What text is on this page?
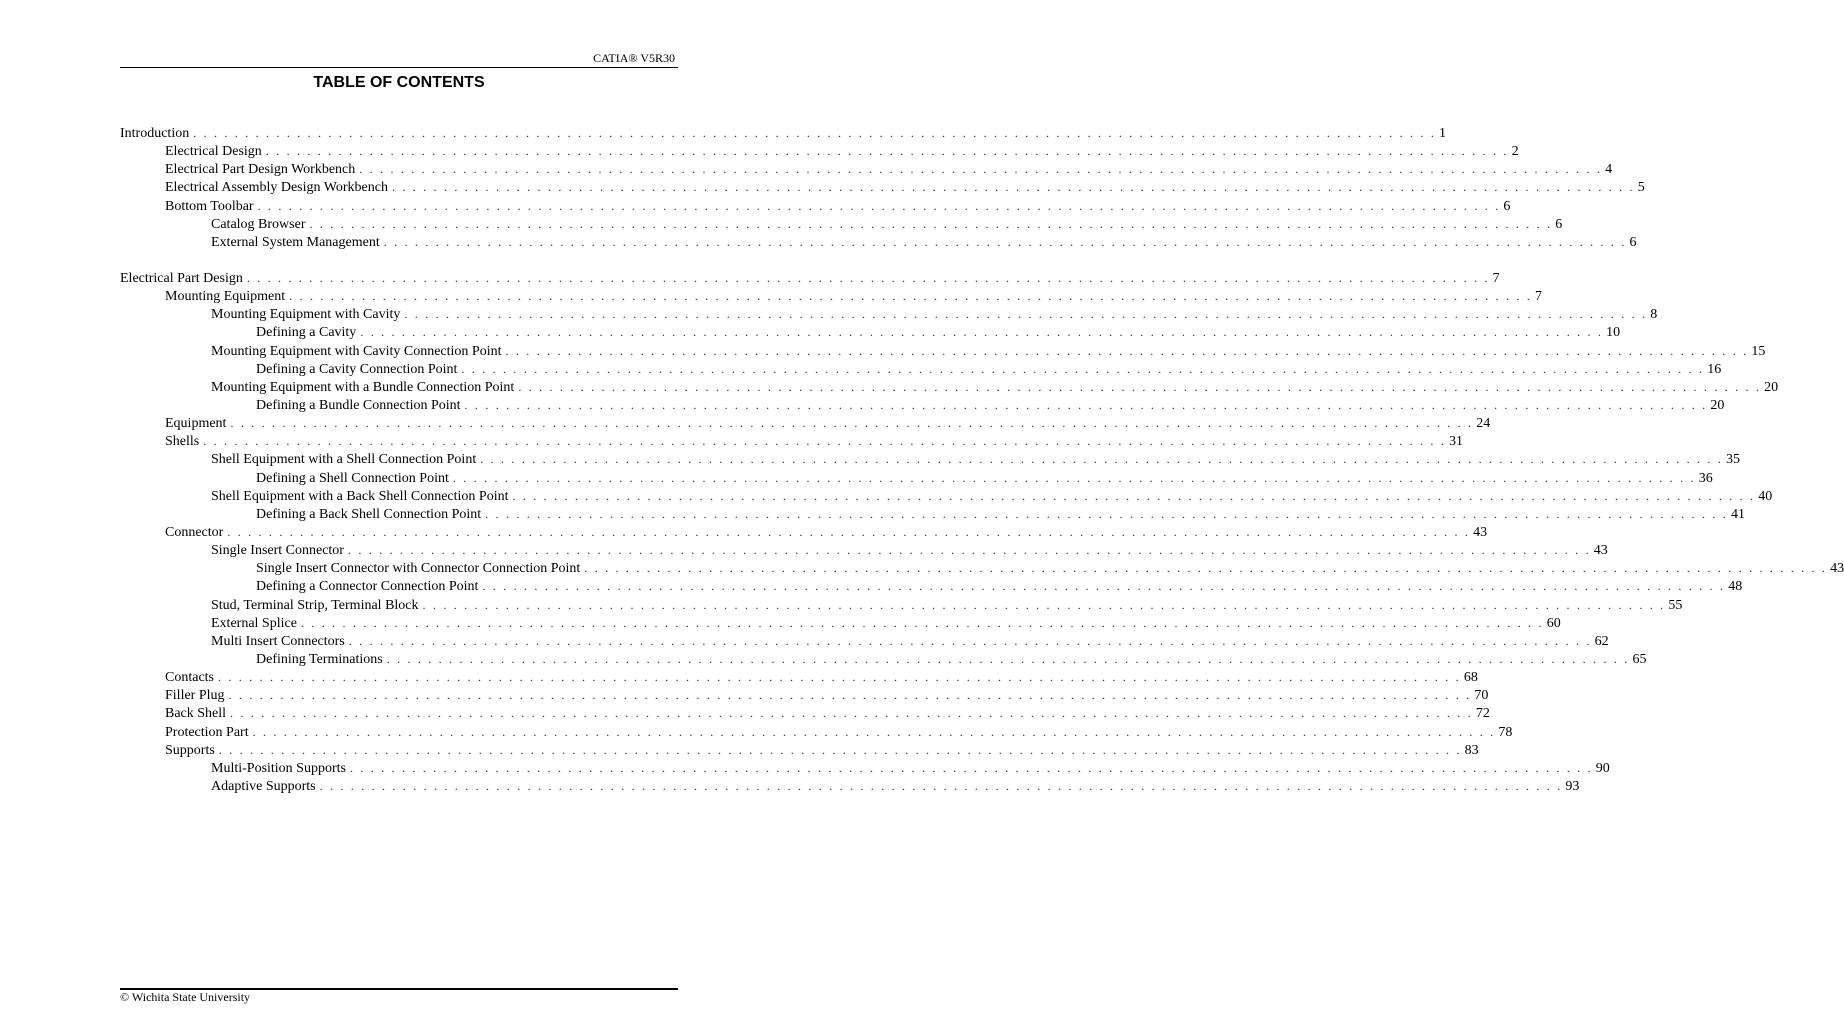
CATIA® V5R30
TABLE OF CONTENTS
Introduction . . . . . . . . . . . . . . . . . . . . . . . . . . . . . . . . . . . . . . . . . . . . . . . . . . . . . . . . . . . . . . . . . . . . . . . . . . . . . . . . . . . . . . . . . . . . . . . . . . . . . . . . . . . . . . . . . . . . . . . . 1
Electrical Design . . . . . . . . . . . . . . . . . . . . . . . . . . . . . . . . . . . . . . . . . . . . . . . . . . . . . . . . . . . . . . . . . . . . . . . . . . . . . . . . . . . . . . . . . . . . . . . . . . . . . . . . . . . . . . . . . . . . . . . . 2
Electrical Part Design Workbench . . . . . . . . . . . . . . . . . . . . . . . . . . . . . . . . . . . . . . . . . . . . . . . . . . . . . . . . . . . . . . . . . . . . . . . . . . . . . . . . . . . . . . . . . . . . . . . . . . . . . . . . . . . . . . . . . . . . . . . . 4
Electrical Assembly Design Workbench . . . . . . . . . . . . . . . . . . . . . . . . . . . . . . . . . . . . . . . . . . . . . . . . . . . . . . . . . . . . . . . . . . . . . . . . . . . . . . . . . . . . . . . . . . . . . . . . . . . . . . . . . . . . . . . . . . . . . . . . 5
Bottom Toolbar . . . . . . . . . . . . . . . . . . . . . . . . . . . . . . . . . . . . . . . . . . . . . . . . . . . . . . . . . . . . . . . . . . . . . . . . . . . . . . . . . . . . . . . . . . . . . . . . . . . . . . . . . . . . . . . . . . . . . . . . 6
Catalog Browser . . . . . . . . . . . . . . . . . . . . . . . . . . . . . . . . . . . . . . . . . . . . . . . . . . . . . . . . . . . . . . . . . . . . . . . . . . . . . . . . . . . . . . . . . . . . . . . . . . . . . . . . . . . . . . . . . . . . . . . . 6
External System Management . . . . . . . . . . . . . . . . . . . . . . . . . . . . . . . . . . . . . . . . . . . . . . . . . . . . . . . . . . . . . . . . . . . . . . . . . . . . . . . . . . . . . . . . . . . . . . . . . . . . . . . . . . . . . . . . . . . . . . . . 6
Electrical Part Design . . . . . . . . . . . . . . . . . . . . . . . . . . . . . . . . . . . . . . . . . . . . . . . . . . . . . . . . . . . . . . . . . . . . . . . . . . . . . . . . . . . . . . . . . . . . . . . . . . . . . . . . . . . . . . . . . . . . . . . . 7
Mounting Equipment . . . . . . . . . . . . . . . . . . . . . . . . . . . . . . . . . . . . . . . . . . . . . . . . . . . . . . . . . . . . . . . . . . . . . . . . . . . . . . . . . . . . . . . . . . . . . . . . . . . . . . . . . . . . . . . . . . . . . . . . 7
Mounting Equipment with Cavity . . . . . . . . . . . . . . . . . . . . . . . . . . . . . . . . . . . . . . . . . . . . . . . . . . . . . . . . . . . . . . . . . . . . . . . . . . . . . . . . . . . . . . . . . . . . . . . . . . . . . . . . . . . . . . . . . . . . . . . . 8
Defining a Cavity . . . . . . . . . . . . . . . . . . . . . . . . . . . . . . . . . . . . . . . . . . . . . . . . . . . . . . . . . . . . . . . . . . . . . . . . . . . . . . . . . . . . . . . . . . . . . . . . . . . . . . . . . . . . . . . . . . . . . . . . 10
Mounting Equipment with Cavity Connection Point . . . . . . . . . . . . . . . . . . . . . . . . . . . . . . . . . . . . . . . . . . . . . . . . . . . . . . . . . . . . . . . . . . . . . . . . . . . . . . . . . . . . . . . . . . . . . . . . . . . . . . . . . . . . . . . . . . . . . . . . 15
Defining a Cavity Connection Point . . . . . . . . . . . . . . . . . . . . . . . . . . . . . . . . . . . . . . . . . . . . . . . . . . . . . . . . . . . . . . . . . . . . . . . . . . . . . . . . . . . . . . . . . . . . . . . . . . . . . . . . . . . . . . . . . . . . . . . . 16
Mounting Equipment with a Bundle Connection Point . . . . . . . . . . . . . . . . . . . . . . . . . . . . . . . . . . . . . . . . . . . . . . . . . . . . . . . . . . . . . . . . . . . . . . . . . . . . . . . . . . . . . . . . . . . . . . . . . . . . . . . . . . . . . . . . . . . . . . . . 20
Defining a Bundle Connection Point . . . . . . . . . . . . . . . . . . . . . . . . . . . . . . . . . . . . . . . . . . . . . . . . . . . . . . . . . . . . . . . . . . . . . . . . . . . . . . . . . . . . . . . . . . . . . . . . . . . . . . . . . . . . . . . . . . . . . . . . 20
Equipment . . . . . . . . . . . . . . . . . . . . . . . . . . . . . . . . . . . . . . . . . . . . . . . . . . . . . . . . . . . . . . . . . . . . . . . . . . . . . . . . . . . . . . . . . . . . . . . . . . . . . . . . . . . . . . . . . . . . . . . . 24
Shells . . . . . . . . . . . . . . . . . . . . . . . . . . . . . . . . . . . . . . . . . . . . . . . . . . . . . . . . . . . . . . . . . . . . . . . . . . . . . . . . . . . . . . . . . . . . . . . . . . . . . . . . . . . . . . . . . . . . . . . . 31
Shell Equipment with a Shell Connection Point . . . . . . . . . . . . . . . . . . . . . . . . . . . . . . . . . . . . . . . . . . . . . . . . . . . . . . . . . . . . . . . . . . . . . . . . . . . . . . . . . . . . . . . . . . . . . . . . . . . . . . . . . . . . . . . . . . . . . . . . 35
Defining a Shell Connection Point . . . . . . . . . . . . . . . . . . . . . . . . . . . . . . . . . . . . . . . . . . . . . . . . . . . . . . . . . . . . . . . . . . . . . . . . . . . . . . . . . . . . . . . . . . . . . . . . . . . . . . . . . . . . . . . . . . . . . . . . 36
Shell Equipment with a Back Shell Connection Point . . . . . . . . . . . . . . . . . . . . . . . . . . . . . . . . . . . . . . . . . . . . . . . . . . . . . . . . . . . . . . . . . . . . . . . . . . . . . . . . . . . . . . . . . . . . . . . . . . . . . . . . . . . . . . . . . . . . . . . . 40
Defining a Back Shell Connection Point . . . . . . . . . . . . . . . . . . . . . . . . . . . . . . . . . . . . . . . . . . . . . . . . . . . . . . . . . . . . . . . . . . . . . . . . . . . . . . . . . . . . . . . . . . . . . . . . . . . . . . . . . . . . . . . . . . . . . . . . 41
Connector . . . . . . . . . . . . . . . . . . . . . . . . . . . . . . . . . . . . . . . . . . . . . . . . . . . . . . . . . . . . . . . . . . . . . . . . . . . . . . . . . . . . . . . . . . . . . . . . . . . . . . . . . . . . . . . . . . . . . . . . 43
Single Insert Connector . . . . . . . . . . . . . . . . . . . . . . . . . . . . . . . . . . . . . . . . . . . . . . . . . . . . . . . . . . . . . . . . . . . . . . . . . . . . . . . . . . . . . . . . . . . . . . . . . . . . . . . . . . . . . . . . . . . . . . . . 43
Single Insert Connector with Connector Connection Point . . . . . . . . . . . . . . . . . . . . . . . . . . . . . . . . . . . . . . . . . . . . . . . . . . . . . . . . . . . . . . . . . . . . . . . . . . . . . . . . . . . . . . . . . . . . . . . . . . . . . . . . . . . . . . . . . . . . . . . . 43
Defining a Connector Connection Point . . . . . . . . . . . . . . . . . . . . . . . . . . . . . . . . . . . . . . . . . . . . . . . . . . . . . . . . . . . . . . . . . . . . . . . . . . . . . . . . . . . . . . . . . . . . . . . . . . . . . . . . . . . . . . . . . . . . . . . . 48
Stud, Terminal Strip, Terminal Block . . . . . . . . . . . . . . . . . . . . . . . . . . . . . . . . . . . . . . . . . . . . . . . . . . . . . . . . . . . . . . . . . . . . . . . . . . . . . . . . . . . . . . . . . . . . . . . . . . . . . . . . . . . . . . . . . . . . . . . . 55
External Splice . . . . . . . . . . . . . . . . . . . . . . . . . . . . . . . . . . . . . . . . . . . . . . . . . . . . . . . . . . . . . . . . . . . . . . . . . . . . . . . . . . . . . . . . . . . . . . . . . . . . . . . . . . . . . . . . . . . . . . . . 60
Multi Insert Connectors . . . . . . . . . . . . . . . . . . . . . . . . . . . . . . . . . . . . . . . . . . . . . . . . . . . . . . . . . . . . . . . . . . . . . . . . . . . . . . . . . . . . . . . . . . . . . . . . . . . . . . . . . . . . . . . . . . . . . . . . 62
Defining Terminations . . . . . . . . . . . . . . . . . . . . . . . . . . . . . . . . . . . . . . . . . . . . . . . . . . . . . . . . . . . . . . . . . . . . . . . . . . . . . . . . . . . . . . . . . . . . . . . . . . . . . . . . . . . . . . . . . . . . . . . . 65
Contacts . . . . . . . . . . . . . . . . . . . . . . . . . . . . . . . . . . . . . . . . . . . . . . . . . . . . . . . . . . . . . . . . . . . . . . . . . . . . . . . . . . . . . . . . . . . . . . . . . . . . . . . . . . . . . . . . . . . . . . . . 68
Filler Plug . . . . . . . . . . . . . . . . . . . . . . . . . . . . . . . . . . . . . . . . . . . . . . . . . . . . . . . . . . . . . . . . . . . . . . . . . . . . . . . . . . . . . . . . . . . . . . . . . . . . . . . . . . . . . . . . . . . . . . . . 70
Back Shell . . . . . . . . . . . . . . . . . . . . . . . . . . . . . . . . . . . . . . . . . . . . . . . . . . . . . . . . . . . . . . . . . . . . . . . . . . . . . . . . . . . . . . . . . . . . . . . . . . . . . . . . . . . . . . . . . . . . . . . . 72
Protection Part . . . . . . . . . . . . . . . . . . . . . . . . . . . . . . . . . . . . . . . . . . . . . . . . . . . . . . . . . . . . . . . . . . . . . . . . . . . . . . . . . . . . . . . . . . . . . . . . . . . . . . . . . . . . . . . . . . . . . . . . 78
Supports . . . . . . . . . . . . . . . . . . . . . . . . . . . . . . . . . . . . . . . . . . . . . . . . . . . . . . . . . . . . . . . . . . . . . . . . . . . . . . . . . . . . . . . . . . . . . . . . . . . . . . . . . . . . . . . . . . . . . . . . 83
Multi-Position Supports . . . . . . . . . . . . . . . . . . . . . . . . . . . . . . . . . . . . . . . . . . . . . . . . . . . . . . . . . . . . . . . . . . . . . . . . . . . . . . . . . . . . . . . . . . . . . . . . . . . . . . . . . . . . . . . . . . . . . . . . 90
Adaptive Supports . . . . . . . . . . . . . . . . . . . . . . . . . . . . . . . . . . . . . . . . . . . . . . . . . . . . . . . . . . . . . . . . . . . . . . . . . . . . . . . . . . . . . . . . . . . . . . . . . . . . . . . . . . . . . . . . . . . . . . . . 93
© Wichita State University
